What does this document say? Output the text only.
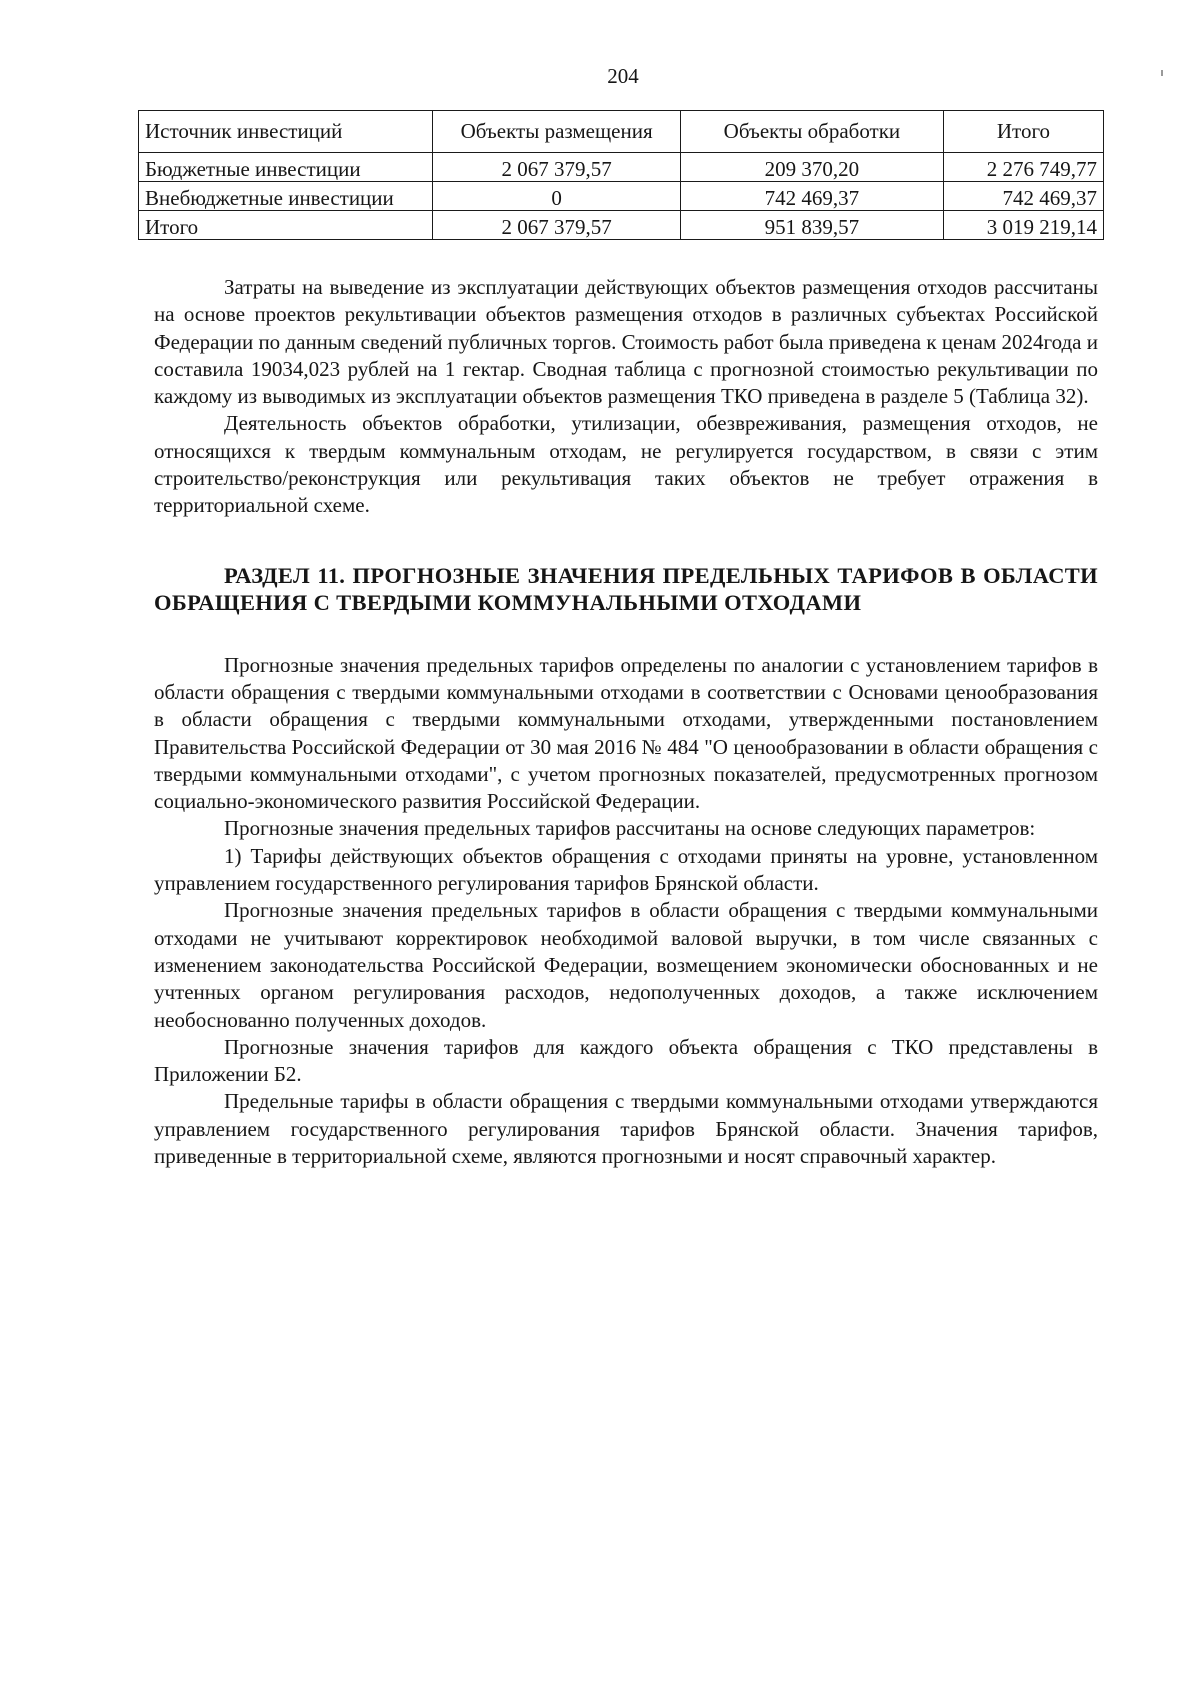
204
Источник инвестиций	Объекты размещения	Объекты обработки	Итого
Бюджетные инвестиции	2 067 379,57	209 370,20	2 276 749,77
Внебюджетные инвестиции	0	742 469,37	742 469,37
Итого	2 067 379,57	951 839,57	3 019 219,14

Затраты на выведение из эксплуатации действующих объектов размещения отходов рассчитаны на основе проектов рекультивации объектов размещения отходов в различных субъектах Российской Федерации по данным сведений публичных торгов. Стоимость работ была приведена к ценам 2024года и составила 19034,023 рублей на 1 гектар. Сводная таблица с прогнозной стоимостью рекультивации по каждому из выводимых из эксплуатации объектов размещения ТКО приведена в разделе 5 (Таблица 32).

Деятельность объектов обработки, утилизации, обезвреживания, размещения отходов, не относящихся к твердым коммунальным отходам, не регулируется государством, в связи с этим строительство/реконструкция или рекультивация таких объектов не требует отражения в территориальной схеме.

РАЗДЕЛ 11. ПРОГНОЗНЫЕ ЗНАЧЕНИЯ ПРЕДЕЛЬНЫХ ТАРИФОВ В ОБЛАСТИ ОБРАЩЕНИЯ С ТВЕРДЫМИ КОММУНАЛЬНЫМИ ОТХОДАМИ

Прогнозные значения предельных тарифов определены по аналогии с установлением тарифов в области обращения с твердыми коммунальными отходами в соответствии с Основами ценообразования в области обращения с твердыми коммунальными отходами, утвержденными постановлением Правительства Российской Федерации от 30 мая 2016 № 484 "О ценообразовании в области обращения с твердыми коммунальными отходами", с учетом прогнозных показателей, предусмотренных прогнозом социально-экономического развития Российской Федерации.

Прогнозные значения предельных тарифов рассчитаны на основе следующих параметров:

1) Тарифы действующих объектов обращения с отходами приняты на уровне, установленном управлением государственного регулирования тарифов Брянской области.

Прогнозные значения предельных тарифов в области обращения с твердыми коммунальными отходами не учитывают корректировок необходимой валовой выручки, в том числе связанных с изменением законодательства Российской Федерации, возмещением экономически обоснованных и не учтенных органом регулирования расходов, недополученных доходов, а также исключением необоснованно полученных доходов.

Прогнозные значения тарифов для каждого объекта обращения с ТКО представлены в Приложении Б2.

Предельные тарифы в области обращения с твердыми коммунальными отходами утверждаются управлением государственного регулирования тарифов Брянской области. Значения тарифов, приведенные в территориальной схеме, являются прогнозными и носят справочный характер.
